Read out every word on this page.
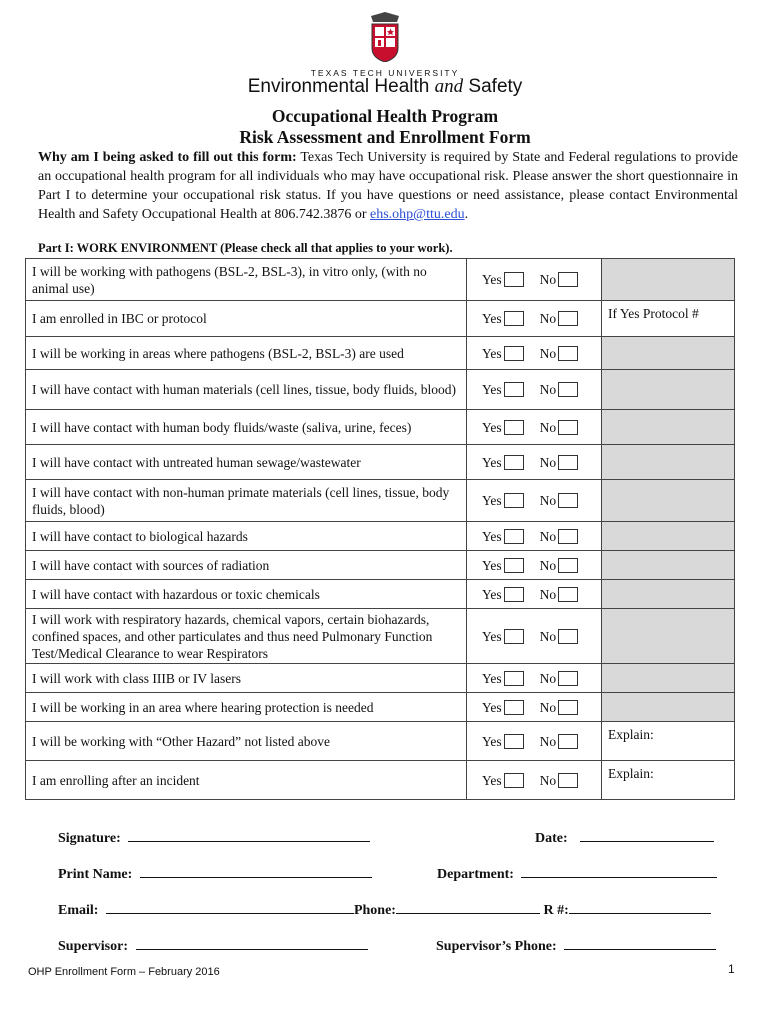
TEXAS TECH UNIVERSITY
Environmental Health and Safety
Occupational Health Program
Risk Assessment and Enrollment Form
Why am I being asked to fill out this form: Texas Tech University is required by State and Federal regulations to provide an occupational health program for all individuals who may have occupational risk. Please answer the short questionnaire in Part I to determine your occupational risk status. If you have questions or need assistance, please contact Environmental Health and Safety Occupational Health at 806.742.3876 or ehs.ohp@ttu.edu.
Part I: WORK ENVIRONMENT (Please check all that applies to your work).
I will be working with pathogens (BSL-2, BSL-3), in vitro only, (with no animal use)	Yes No	

I am enrolled in IBC or protocol	Yes No	If Yes Protocol #
I will be working in areas where pathogens (BSL-2, BSL-3) are used	Yes No	

I will have contact with human materials (cell lines, tissue, body fluids, blood)	Yes No	

I will have contact with human body fluids/waste (saliva, urine, feces)	Yes No	

I will have contact with untreated human sewage/wastewater	Yes No	

I will have contact with non-human primate materials (cell lines, tissue, body fluids, blood)	Yes No	

I will have contact to biological hazards	Yes No	

I will have contact with sources of radiation	Yes No	

I will have contact with hazardous or toxic chemicals	Yes No	

I will work with respiratory hazards, chemical vapors, certain biohazards, confined spaces, and other particulates and thus need Pulmonary Function Test/Medical Clearance to wear Respirators	Yes No	

I will work with class IIIB or IV lasers	Yes No	

I will be working in an area where hearing protection is needed	Yes No	

I will be working with “Other Hazard” not listed above	Yes No	Explain:
I am enrolling after an incident	Yes No	Explain:
Signature:	Date:
Print Name:	Department:
Email:	Phone:	R #:
Supervisor:	Supervisor’s Phone:
OHP Enrollment Form – February 2016	1
